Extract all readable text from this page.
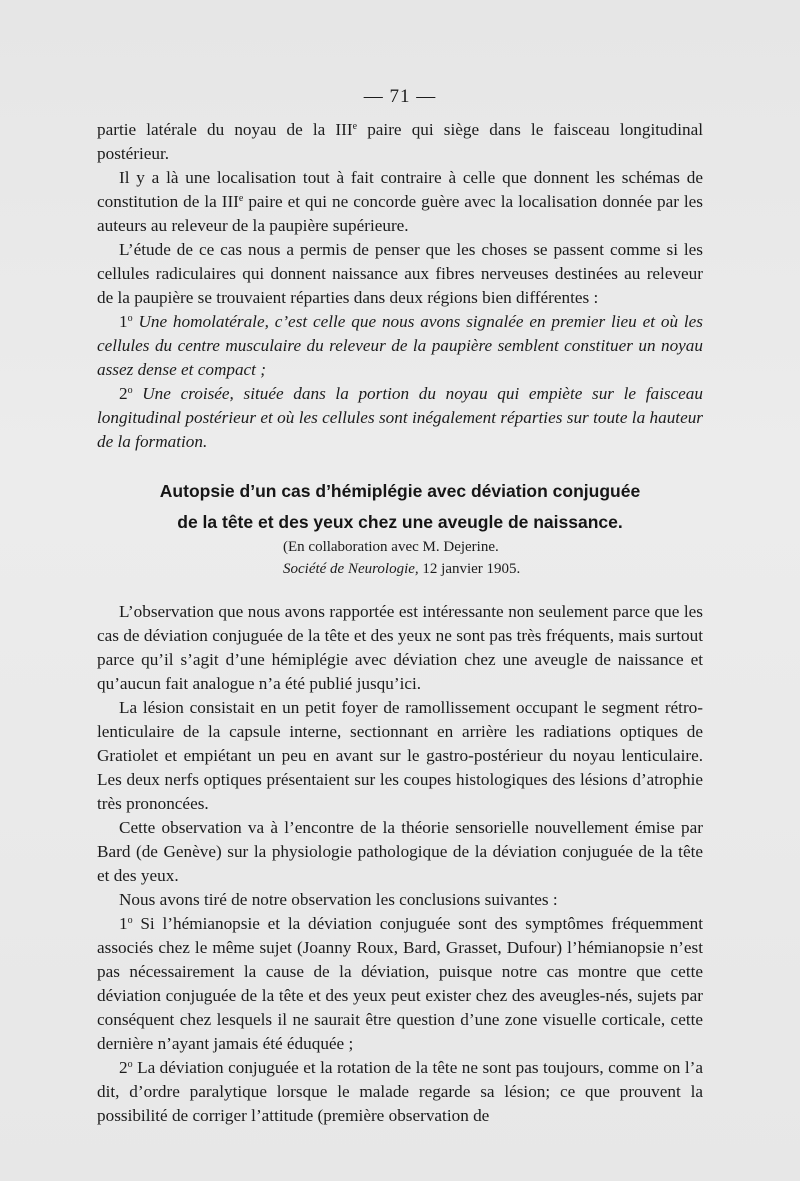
— 71 —

partie latérale du noyau de la IIIe paire qui siège dans le faisceau longitudinal postérieur.

Il y a là une localisation tout à fait contraire à celle que donnent les schémas de constitution de la IIIe paire et qui ne concorde guère avec la localisation donnée par les auteurs au releveur de la paupière supérieure.

L’étude de ce cas nous a permis de penser que les choses se passent comme si les cellules radiculaires qui donnent naissance aux fibres nerveuses destinées au releveur de la paupière se trouvaient réparties dans deux régions bien différentes :

1$^o$ Une homolatérale, c’est celle que nous avons signalée en premier lieu et où les cellules du centre musculaire du releveur de la paupière semblent constituer un noyau assez dense et compact ;

2$^o$ Une croisée, située dans la portion du noyau qui empiète sur le faisceau longitudinal postérieur et où les cellules sont inégalement réparties sur toute la hauteur de la formation.

Autopsie d’un cas d’hémiplégie avec déviation conjuguée
de la tête et des yeux chez une aveugle de naissance.
(En collaboration avec M. Dejerine.
Société de Neurologie, 12 janvier 1905.

L’observation que nous avons rapportée est intéressante non seulement parce que les cas de déviation conjuguée de la tête et des yeux ne sont pas très fréquents, mais surtout parce qu’il s’agit d’une hémiplégie avec déviation chez une aveugle de naissance et qu’aucun fait analogue n’a été publié jusqu’ici.

La lésion consistait en un petit foyer de ramollissement occupant le segment rétro-lenticulaire de la capsule interne, sectionnant en arrière les radiations optiques de Gratiolet et empiétant un peu en avant sur le gastro-postérieur du noyau lenticulaire. Les deux nerfs optiques présentaient sur les coupes histologiques des lésions d’atrophie très prononcées.

Cette observation va à l’encontre de la théorie sensorielle nouvellement émise par Bard (de Genève) sur la physiologie pathologique de la déviation conjuguée de la tête et des yeux.

Nous avons tiré de notre observation les conclusions suivantes :

1$^o$ Si l’hémianopsie et la déviation conjuguée sont des symptômes fréquemment associés chez le même sujet (Joanny Roux, Bard, Grasset, Dufour) l’hémianopsie n’est pas nécessairement la cause de la déviation, puisque notre cas montre que cette déviation conjuguée de la tête et des yeux peut exister chez des aveugles-nés, sujets par conséquent chez lesquels il ne saurait être question d’une zone visuelle corticale, cette dernière n’ayant jamais été éduquée ;

2$^o$ La déviation conjuguée et la rotation de la tête ne sont pas toujours, comme on l’a dit, d’ordre paralytique lorsque le malade regarde sa lésion; ce que prouvent la possibilité de corriger l’attitude (première observation de
